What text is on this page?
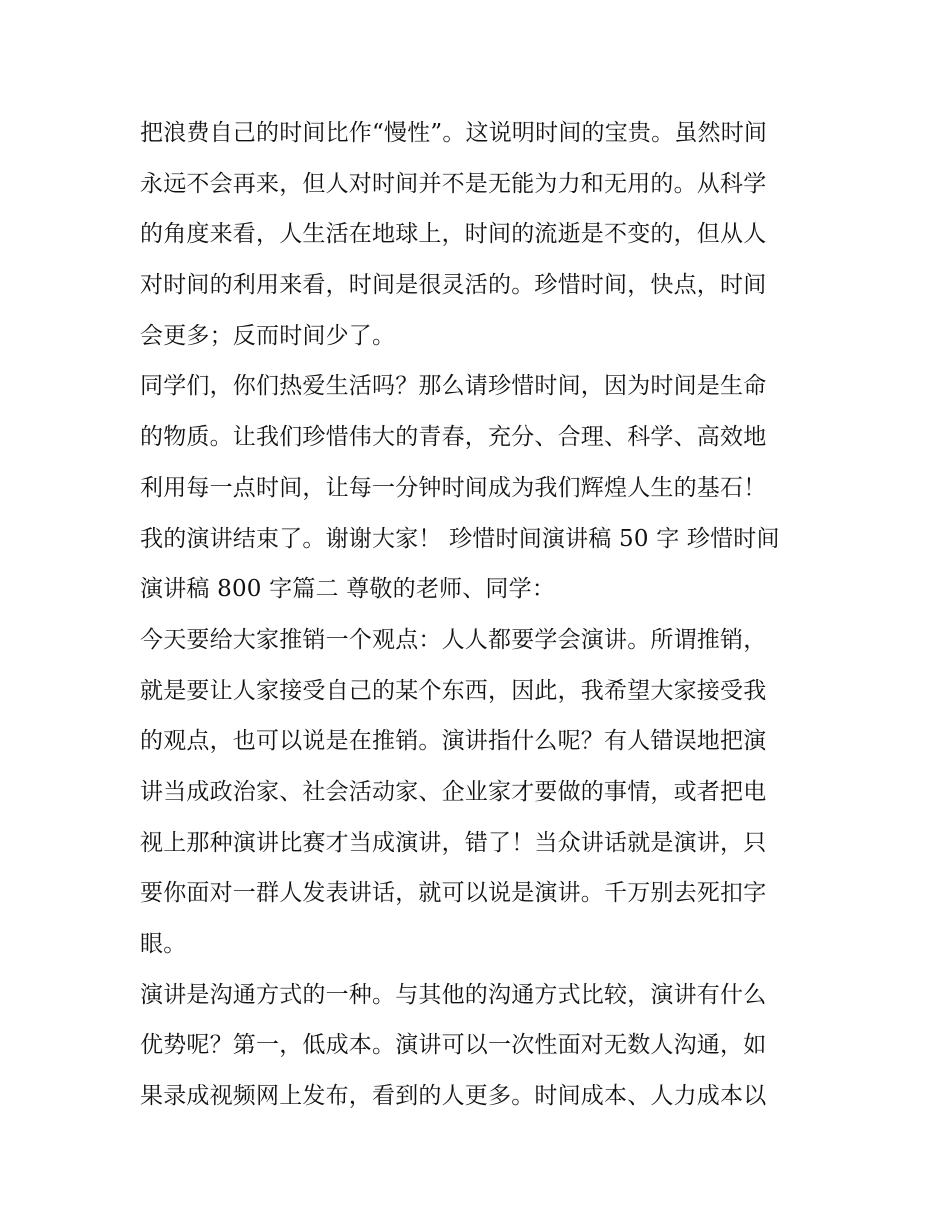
把浪费自己的时间比作“慢性”。这说明时间的宝贵。虽然时间
永远不会再来，但人对时间并不是无能为力和无用的。从科学
的角度来看，人生活在地球上，时间的流逝是不变的，但从人
对时间的利用来看，时间是很灵活的。珍惜时间，快点，时间
会更多；反而时间少了。
同学们，你们热爱生活吗？那么请珍惜时间，因为时间是生命
的物质。让我们珍惜伟大的青春，充分、合理、科学、高效地
利用每一点时间，让每一分钟时间成为我们辉煌人生的基石！
我的演讲结束了。谢谢大家！ 珍惜时间演讲稿 50 字 珍惜时间
演讲稿 800 字篇二 尊敬的老师、同学：
今天要给大家推销一个观点：人人都要学会演讲。所谓推销，
就是要让人家接受自己的某个东西，因此，我希望大家接受我
的观点，也可以说是在推销。演讲指什么呢？有人错误地把演
讲当成政治家、社会活动家、企业家才要做的事情，或者把电
视上那种演讲比赛才当成演讲，错了！当众讲话就是演讲，只
要你面对一群人发表讲话，就可以说是演讲。千万别去死扣字
眼。
演讲是沟通方式的一种。与其他的沟通方式比较，演讲有什么
优势呢？第一，低成本。演讲可以一次性面对无数人沟通，如
果录成视频网上发布，看到的人更多。时间成本、人力成本以
